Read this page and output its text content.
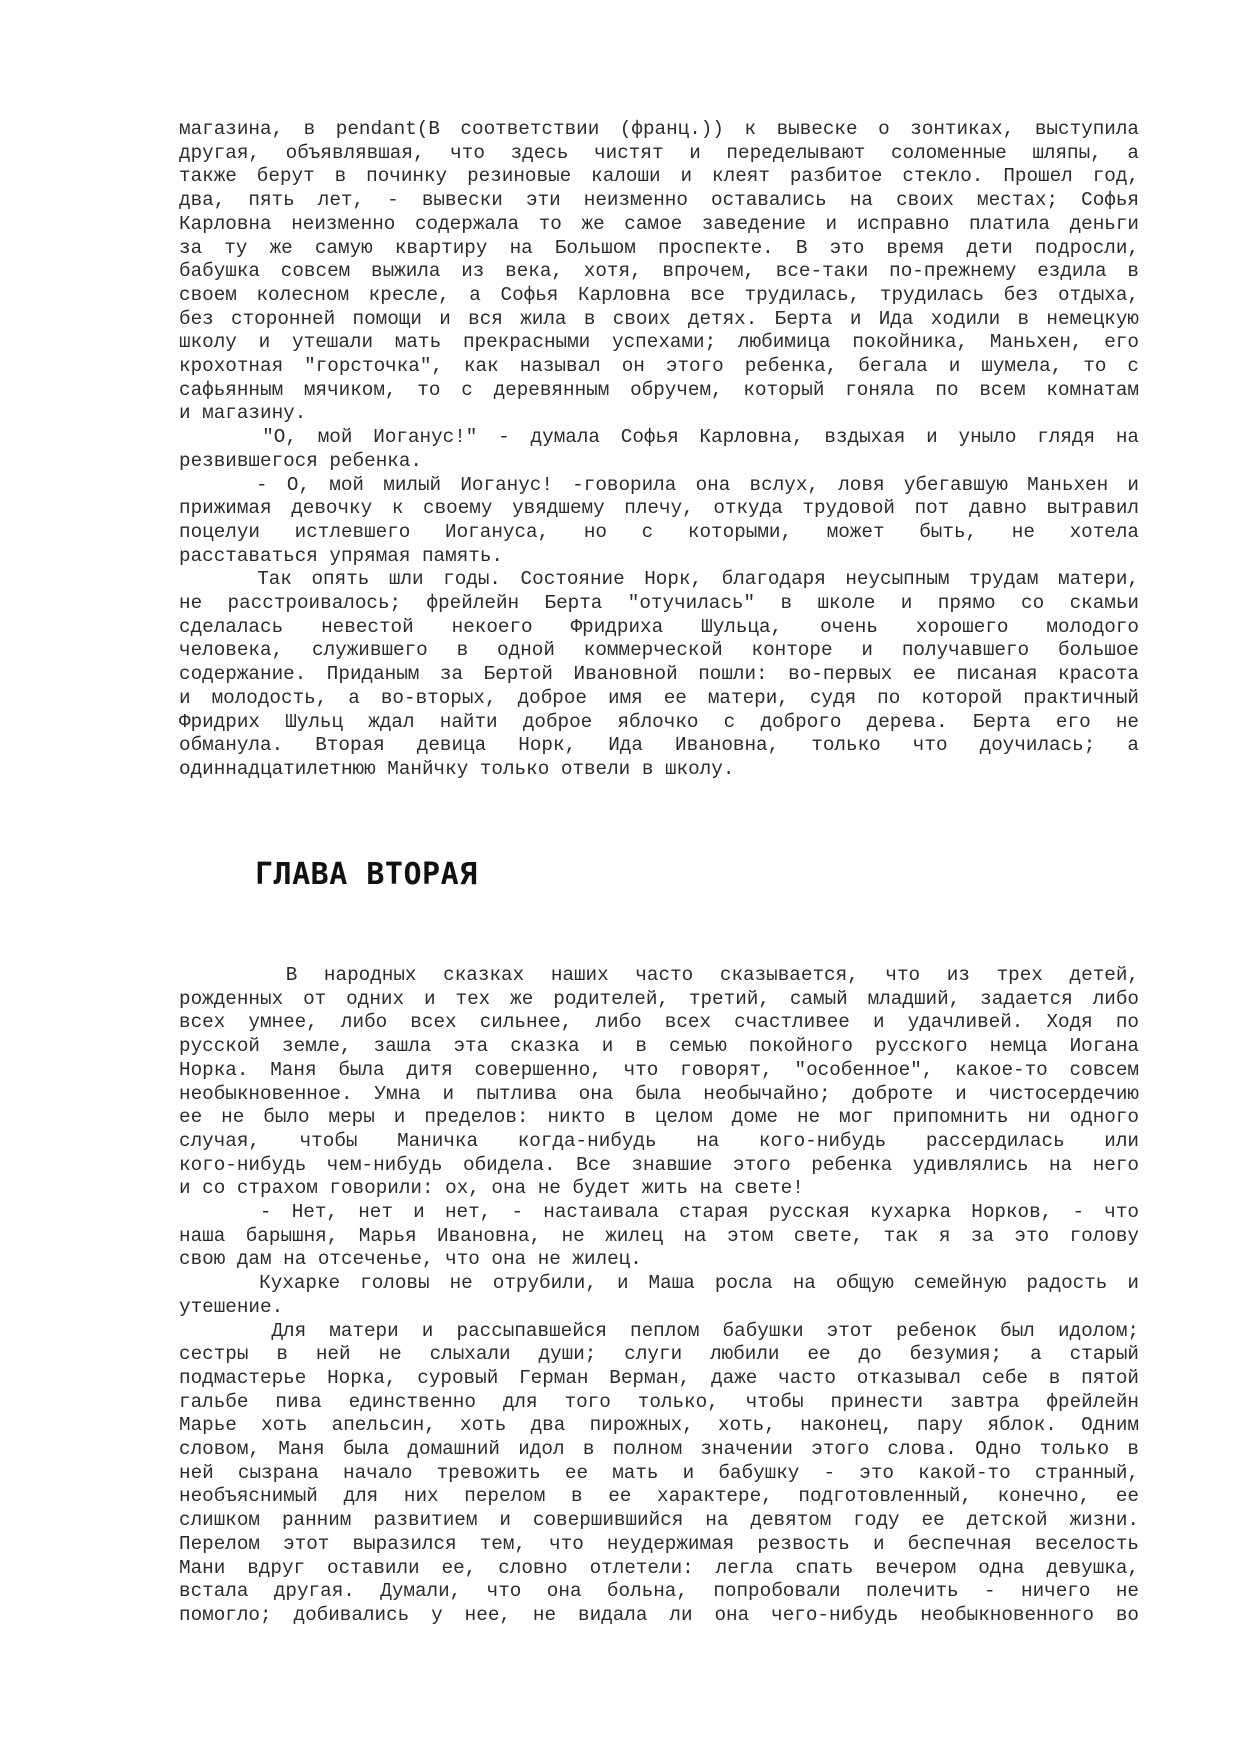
магазина, в pendant(В соответствии (франц.)) к вывеске о зонтиках, выступила
другая, объявлявшая, что здесь чистят и переделывают соломенные шляпы, а
также берут в починку резиновые калоши и клеят разбитое стекло. Прошел год,
два, пять лет, - вывески эти неизменно оставались на своих местах; Софья
Карловна неизменно содержала то же самое заведение и исправно платила деньги
за ту же самую квартиру на Большом проспекте. В это время дети подросли,
бабушка совсем выжила из века, хотя, впрочем, все-таки по-прежнему ездила в
своем колесном кресле, а Софья Карловна все трудилась, трудилась без отдыха,
без сторонней помощи и вся жила в своих детях. Берта и Ида ходили в немецкую
школу и утешали мать прекрасными успехами; любимица покойника, Маньхен, его
крохотная "горсточка", как называл он этого ребенка, бегала и шумела, то с
сафьянным мячиком, то с деревянным обручем, который гоняла по всем комнатам
и магазину.
"О, мой Иоганус!" - думала Софья Карловна, вздыхая и уныло глядя на
резвившегося ребенка.
- О, мой милый Иоганус! -говорила она вслух, ловя убегавшую Маньхен и
прижимая девочку к своему увядшему плечу, откуда трудовой пот давно вытравил
поцелуи истлевшего Иогануса, но с которыми, может быть, не хотела
расставаться упрямая память.
Так опять шли годы. Состояние Норк, благодаря неусыпным трудам матери,
не расстроивалось; фрейлейн Берта "отучилась" в школе и прямо со скамьи
сделалась невестой некоего Фридриха Шульца, очень хорошего молодого
человека, служившего в одной коммерческой конторе и получавшего большое
содержание. Приданым за Бертой Ивановной пошли: во-первых ее писаная красота
и молодость, а во-вторых, доброе имя ее матери, судя по которой практичный
Фридрих Шульц ждал найти доброе яблочко с доброго дерева. Берта его не
обманула. Вторая девица Норк, Ида Ивановна, только что доучилась; а
одиннадцатилетнюю Манйчку только отвели в школу.
ГЛАВА ВТОРАЯ
В народных сказках наших часто сказывается, что из трех детей,
рожденных от одних и тех же родителей, третий, самый младший, задается либо
всех умнее, либо всех сильнее, либо всех счастливее и удачливей. Ходя по
русской земле, зашла эта сказка и в семью покойного русского немца Иогана
Норка. Маня была дитя совершенно, что говорят, "особенное", какое-то совсем
необыкновенное. Умна и пытлива она была необычайно; доброте и чистосердечию
ее не было меры и пределов: никто в целом доме не мог припомнить ни одного
случая, чтобы Маничка когда-нибудь на кого-нибудь рассердилась или
кого-нибудь чем-нибудь обидела. Все знавшие этого ребенка удивлялись на него
и со страхом говорили: ох, она не будет жить на свете!
- Нет, нет и нет, - настаивала старая русская кухарка Норков, - что
наша барышня, Марья Ивановна, не жилец на этом свете, так я за это голову
свою дам на отсеченье, что она не жилец.
Кухарке головы не отрубили, и Маша росла на общую семейную радость и
утешение.
Для матери и рассыпавшейся пеплом бабушки этот ребенок был идолом;
сестры в ней не слыхали души; слуги любили ее до безумия; а старый
подмастерье Норка, суровый Герман Верман, даже часто отказывал себе в пятой
гальбе пива единственно для того только, чтобы принести завтра фрейлейн
Марье хоть апельсин, хоть два пирожных, хоть, наконец, пару яблок. Одним
словом, Маня была домашний идол в полном значении этого слова. Одно только в
ней сызрана начало тревожить ее мать и бабушку - это какой-то странный,
необъяснимый для них перелом в ее характере, подготовленный, конечно, ее
слишком ранним развитием и совершившийся на девятом году ее детской жизни.
Перелом этот выразился тем, что неудержимая резвость и беспечная веселость
Мани вдруг оставили ее, словно отлетели: легла спать вечером одна девушка,
встала другая. Думали, что она больна, попробовали полечить - ничего не
помогло; добивались у нее, не видала ли она чего-нибудь необыкновенного во
